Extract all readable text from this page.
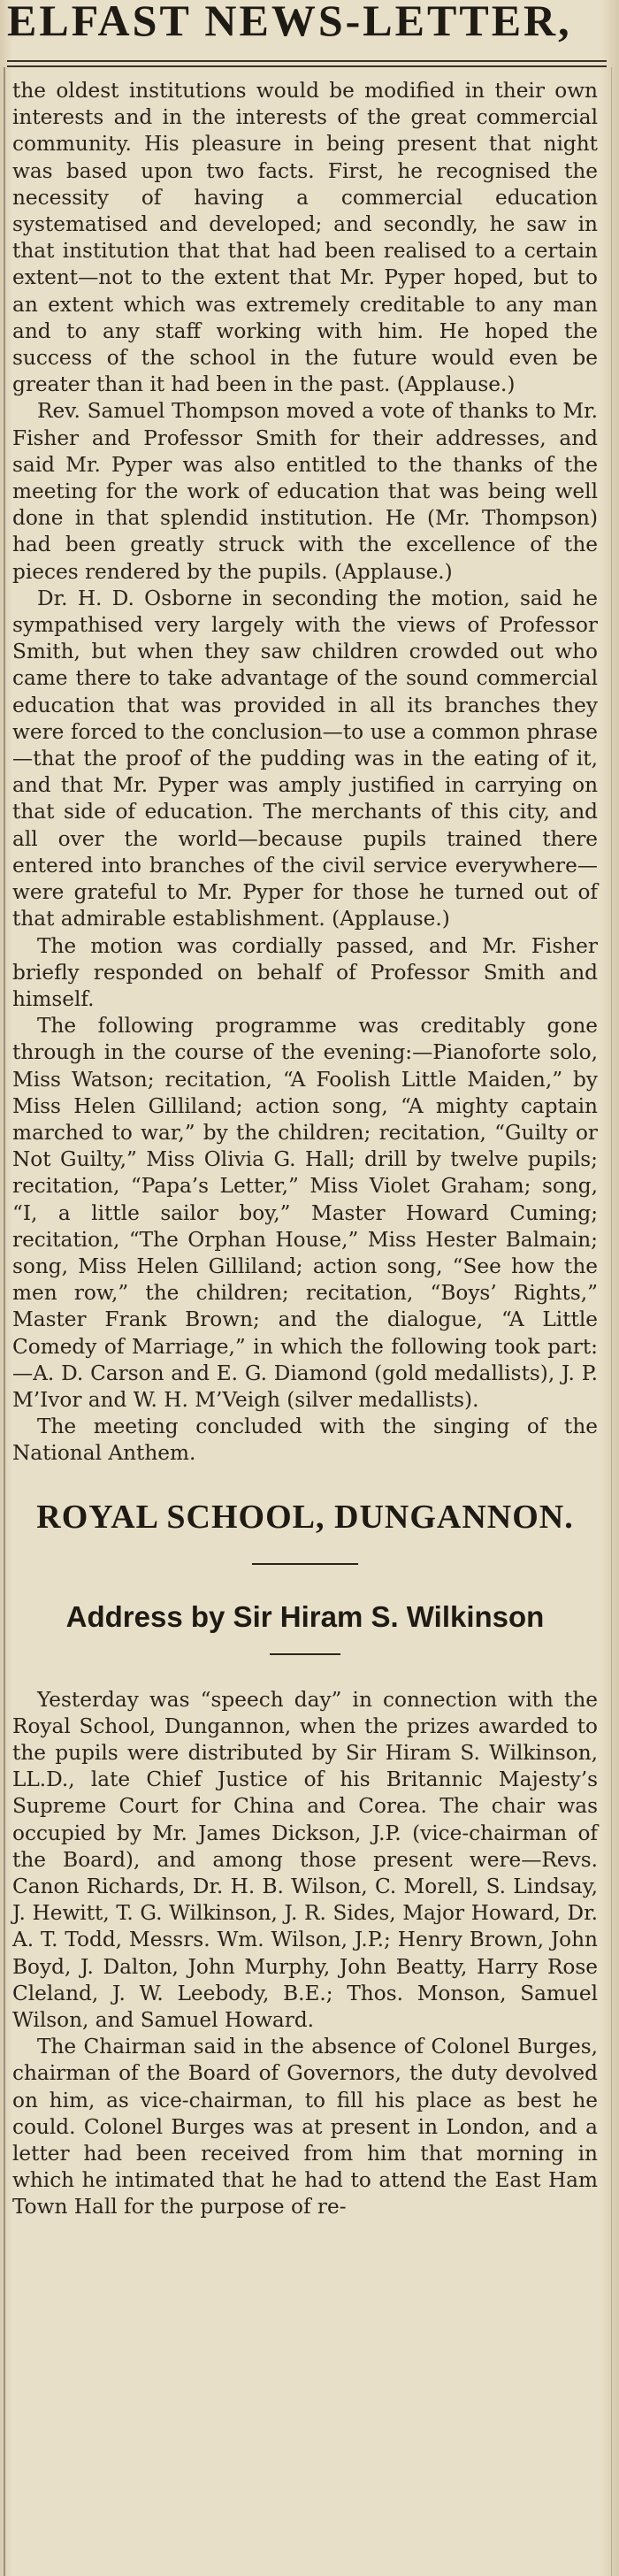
ELFAST NEWS-LETTER,

the oldest institutions would be modified in their own interests and in the interests of the great commercial community. His pleasure in being present that night was based upon two facts. First, he recognised the necessity of having a commercial education systematised and developed; and secondly, he saw in that institution that that had been realised to a certain extent—not to the extent that Mr. Pyper hoped, but to an extent which was extremely creditable to any man and to any staff working with him. He hoped the success of the school in the future would even be greater than it had been in the past. (Applause.)

Rev. Samuel Thompson moved a vote of thanks to Mr. Fisher and Professor Smith for their addresses, and said Mr. Pyper was also entitled to the thanks of the meeting for the work of education that was being well done in that splendid institution. He (Mr. Thompson) had been greatly struck with the excellence of the pieces rendered by the pupils. (Applause.)

Dr. H. D. Osborne in seconding the motion, said he sympathised very largely with the views of Professor Smith, but when they saw children crowded out who came there to take advantage of the sound commercial education that was provided in all its branches they were forced to the conclusion—to use a common phrase—that the proof of the pudding was in the eating of it, and that Mr. Pyper was amply justified in carrying on that side of education. The merchants of this city, and all over the world—because pupils trained there entered into branches of the civil service everywhere—were grateful to Mr. Pyper for those he turned out of that admirable establishment. (Applause.)

The motion was cordially passed, and Mr. Fisher briefly responded on behalf of Professor Smith and himself.

The following programme was creditably gone through in the course of the evening:—Pianoforte solo, Miss Watson; recitation, “A Foolish Little Maiden,” by Miss Helen Gilliland; action song, “A mighty captain marched to war,” by the children; recitation, “Guilty or Not Guilty,” Miss Olivia G. Hall; drill by twelve pupils; recitation, “Papa’s Letter,” Miss Violet Graham; song, “I, a little sailor boy,” Master Howard Cuming; recitation, “The Orphan House,” Miss Hester Balmain; song, Miss Helen Gilliland; action song, “See how the men row,” the children; recitation, “Boys’ Rights,” Master Frank Brown; and the dialogue, “A Little Comedy of Marriage,” in which the following took part:—A. D. Carson and E. G. Diamond (gold medallists), J. P. M’Ivor and W. H. M’Veigh (silver medallists).

The meeting concluded with the singing of the National Anthem.

ROYAL SCHOOL, DUNGANNON.
Address by Sir Hiram S. Wilkinson

Yesterday was “speech day” in connection with the Royal School, Dungannon, when the prizes awarded to the pupils were distributed by Sir Hiram S. Wilkinson, LL.D., late Chief Justice of his Britannic Majesty’s Supreme Court for China and Corea. The chair was occupied by Mr. James Dickson, J.P. (vice-chairman of the Board), and among those present were—Revs. Canon Richards, Dr. H. B. Wilson, C. Morell, S. Lindsay, J. Hewitt, T. G. Wilkinson, J. R. Sides, Major Howard, Dr. A. T. Todd, Messrs. Wm. Wilson, J.P.; Henry Brown, John Boyd, J. Dalton, John Murphy, John Beatty, Harry Rose Cleland, J. W. Leebody, B.E.; Thos. Monson, Samuel Wilson, and Samuel Howard.

The Chairman said in the absence of Colonel Burges, chairman of the Board of Governors, the duty devolved on him, as vice-chairman, to fill his place as best he could. Colonel Burges was at present in London, and a letter had been received from him that morning in which he intimated that he had to attend the East Ham Town Hall for the purpose of re-
